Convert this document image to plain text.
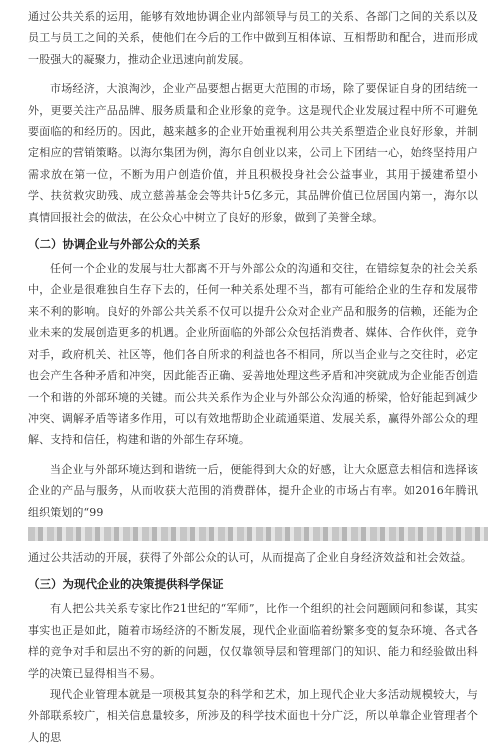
通过公共关系的运用，能够有效地协调企业内部领导与员工的关系、各部门之间的关系以及员工与员工之间的关系，使他们在今后的工作中做到互相体谅、互相帮助和配合，进而形成一股强大的凝聚力，推动企业迅速向前发展。

市场经济，大浪淘沙，企业产品要想占据更大范围的市场，除了要保证自身的团结统一外，更要关注产品品牌、服务质量和企业形象的竞争。这是现代企业发展过程中所不可避免要面临的和经历的。因此，越来越多的企业开始重视利用公共关系塑造企业良好形象，并制定相应的营销策略。以海尔集团为例，海尔自创业以来，公司上下团结一心，始终坚持用户需求放在第一位，不断为用户创造价值，并且积极投身社会公益事业，其用于援建希望小学、扶贫救灾助残、成立慈善基金会等共计5亿多元，其品牌价值已位居国内第一，海尔以真情回报社会的做法，在公众心中树立了良好的形象，做到了美誉全球。

（二）协调企业与外部公众的关系

任何一个企业的发展与壮大都离不开与外部公众的沟通和交往，在错综复杂的社会关系中，企业是很难独自生存下去的，任何一种关系处理不当，都有可能给企业的生存和发展带来不利的影响。良好的外部公共关系不仅可以提升公众对企业产品和服务的信赖，还能为企业未来的发展创造更多的机遇。企业所面临的外部公众包括消费者、媒体、合作伙伴，竞争对手，政府机关、社区等，他们各自所求的利益也各不相同，所以当企业与之交往时，必定也会产生各种矛盾和冲突，因此能否正确、妥善地处理这些矛盾和冲突就成为企业能否创造一个和谐的外部环境的关键。而公共关系作为企业与外部公众沟通的桥梁，恰好能起到减少冲突、调解矛盾等诸多作用，可以有效地帮助企业疏通渠道、发展关系，赢得外部公众的理解、支持和信任，构建和谐的外部生存环境。

当企业与外部环境达到和谐统一后，便能得到大众的好感，让大众愿意去相信和选择该企业的产品与服务，从而收获大范围的消费群体，提升企业的市场占有率。如2016年腾讯组织策划的“99

通过公共活动的开展，获得了外部公众的认可，从而提高了企业自身经济效益和社会效益。

（三）为现代企业的决策提供科学保证

有人把公共关系专家比作21世纪的“军师”，比作一个组织的社会问题顾问和参谋，其实事实也正是如此，随着市场经济的不断发展，现代企业面临着纷繁多变的复杂环境、各式各样的竞争对手和层出不穷的新的问题，仅仅靠领导层和管理部门的知识、能力和经验做出科学的决策已显得相当不易。

现代企业管理本就是一项极其复杂的科学和艺术，加上现代企业大多活动规模较大，与外部联系较广，相关信息量较多，所涉及的科学技术面也十分广泛，所以单靠企业管理者个人的思
